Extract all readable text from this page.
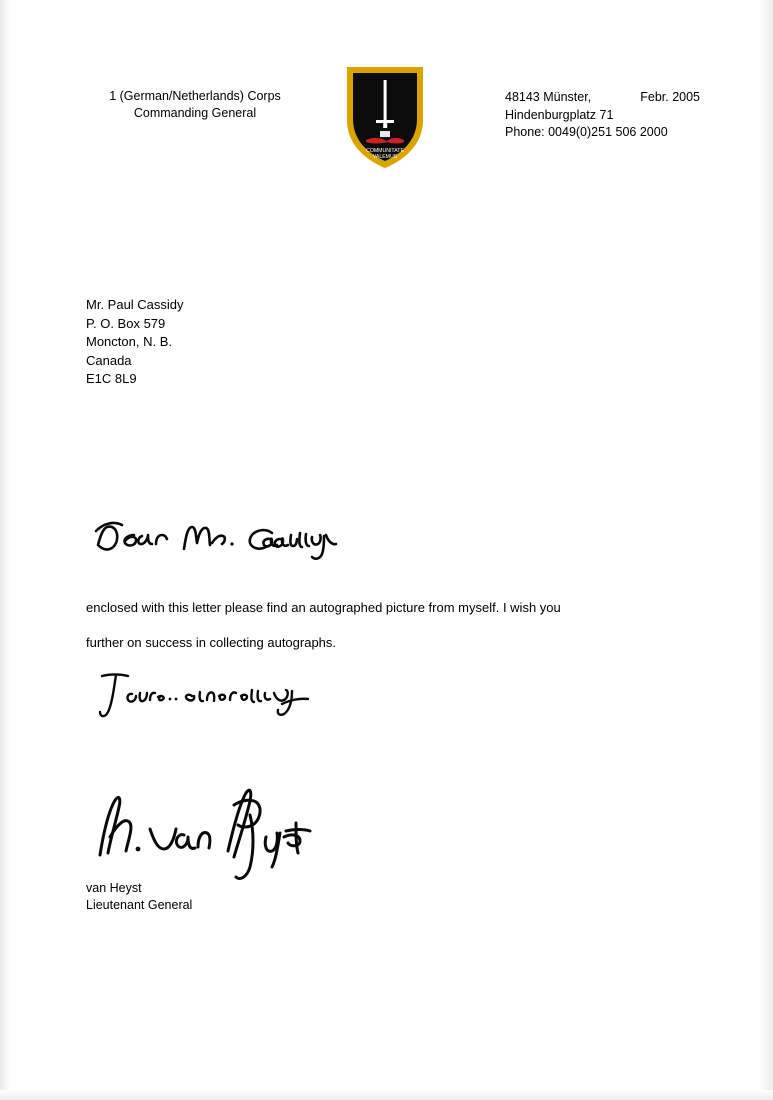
1 (German/Netherlands) Corps
Commanding General
COMMUNITATE
VALEMUS
48143 Münster,	Febr. 2005
Hindenburgplatz 71
Phone: 0049(0)251 506 2000
Mr. Paul Cassidy
P. O. Box 579
Moncton, N. B.
Canada
E1C 8L9
enclosed with this letter please find an autographed picture from myself. I wish you
further on success in collecting autographs.
van Heyst
Lieutenant General
